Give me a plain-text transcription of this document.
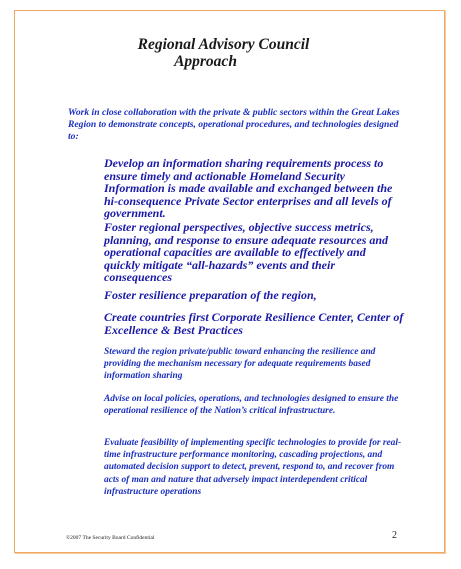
Regional Advisory Council
Approach
Work in close collaboration with the private & public sectors within the Great Lakes Region to demonstrate concepts, operational procedures, and technologies designed to:
Develop an information sharing requirements process to ensure timely and actionable Homeland Security Information is made available and exchanged between the hi-consequence Private Sector enterprises and all levels of government.
Foster regional perspectives, objective success metrics, planning, and response to ensure adequate resources and operational capacities are available to effectively and quickly mitigate “all-hazards” events and their consequences
Foster resilience preparation of the region,
Create countries first Corporate Resilience Center, Center of Excellence & Best Practices
Steward the region private/public toward enhancing the resilience and providing the mechanism necessary for adequate requirements based information sharing
Advise on local policies, operations, and technologies designed to ensure the operational resilience of the Nation’s critical infrastructure.
Evaluate feasibility of implementing specific technologies to provide for real-time infrastructure performance monitoring, cascading projections, and automated decision support to detect, prevent, respond to, and recover from acts of man and nature that adversely impact interdependent critical infrastructure operations
©2007 The Security Board Confidential	2
